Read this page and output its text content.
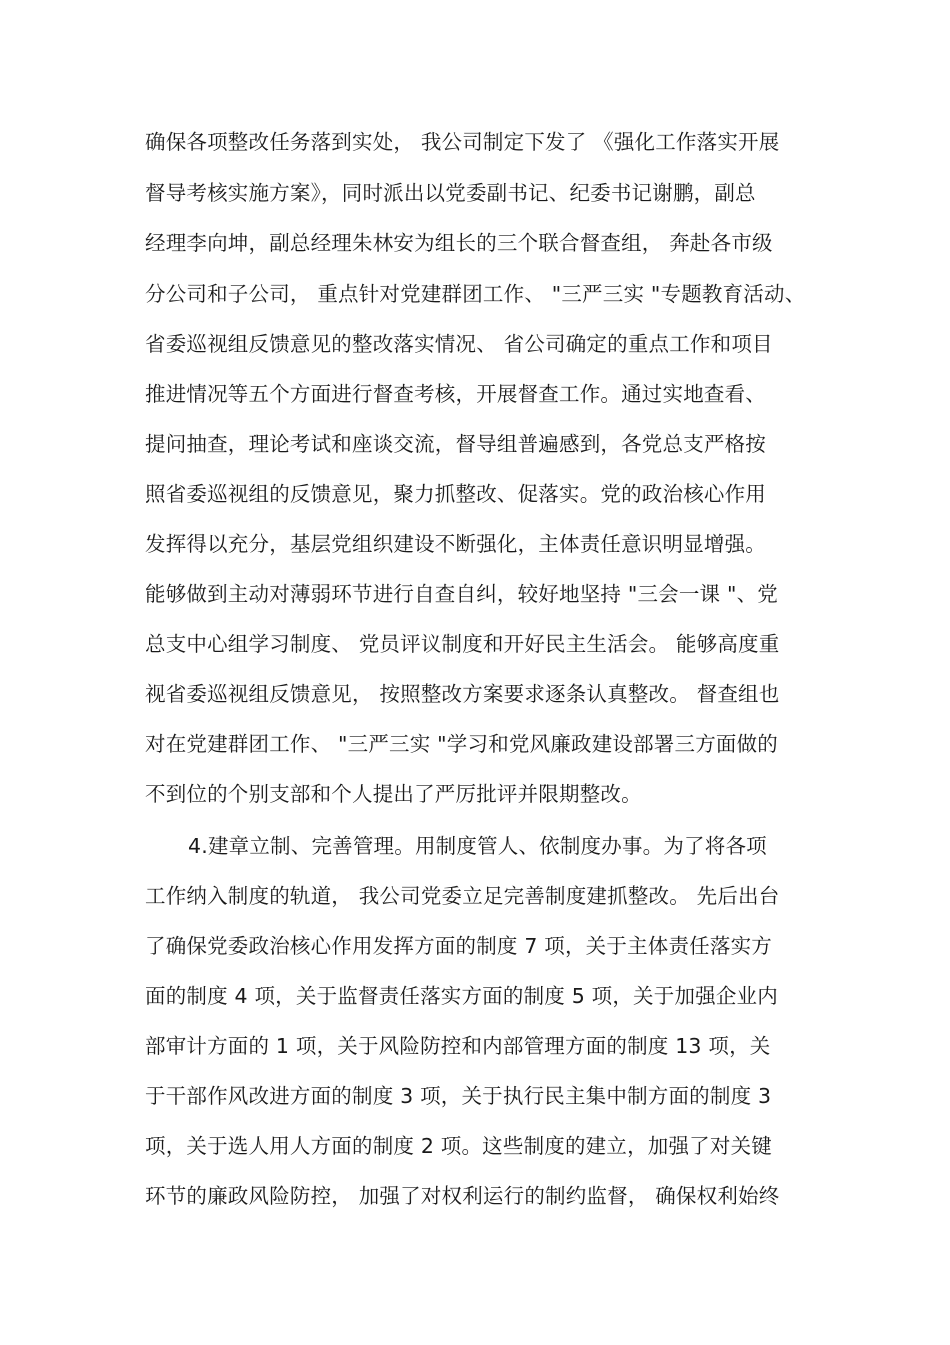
确保各项整改任务落到实处， 我公司制定下发了 《强化工作落实开展
督导考核实施方案》，同时派出以党委副书记、纪委书记谢鹏，副总
经理李向坤，副总经理朱林安为组长的三个联合督查组， 奔赴各市级
分公司和子公司， 重点针对党建群团工作、 "三严三实 "专题教育活动、
省委巡视组反馈意见的整改落实情况、 省公司确定的重点工作和项目
推进情况等五个方面进行督查考核，开展督查工作。通过实地查看、
提问抽查，理论考试和座谈交流，督导组普遍感到，各党总支严格按
照省委巡视组的反馈意见，聚力抓整改、促落实。党的政治核心作用
发挥得以充分，基层党组织建设不断强化，主体责任意识明显增强。
能够做到主动对薄弱环节进行自查自纠，较好地坚持 "三会一课 "、党
总支中心组学习制度、 党员评议制度和开好民主生活会。 能够高度重
视省委巡视组反馈意见， 按照整改方案要求逐条认真整改。 督查组也
对在党建群团工作、 "三严三实 "学习和党风廉政建设部署三方面做的
不到位的个别支部和个人提出了严厉批评并限期整改。
4.建章立制、完善管理。用制度管人、依制度办事。为了将各项
工作纳入制度的轨道， 我公司党委立足完善制度建抓整改。 先后出台
了确保党委政治核心作用发挥方面的制度 7 项，关于主体责任落实方
面的制度 4 项，关于监督责任落实方面的制度 5 项，关于加强企业内
部审计方面的 1 项，关于风险防控和内部管理方面的制度 13 项，关
于干部作风改进方面的制度 3 项，关于执行民主集中制方面的制度 3
项，关于选人用人方面的制度 2 项。这些制度的建立，加强了对关键
环节的廉政风险防控， 加强了对权利运行的制约监督， 确保权利始终
